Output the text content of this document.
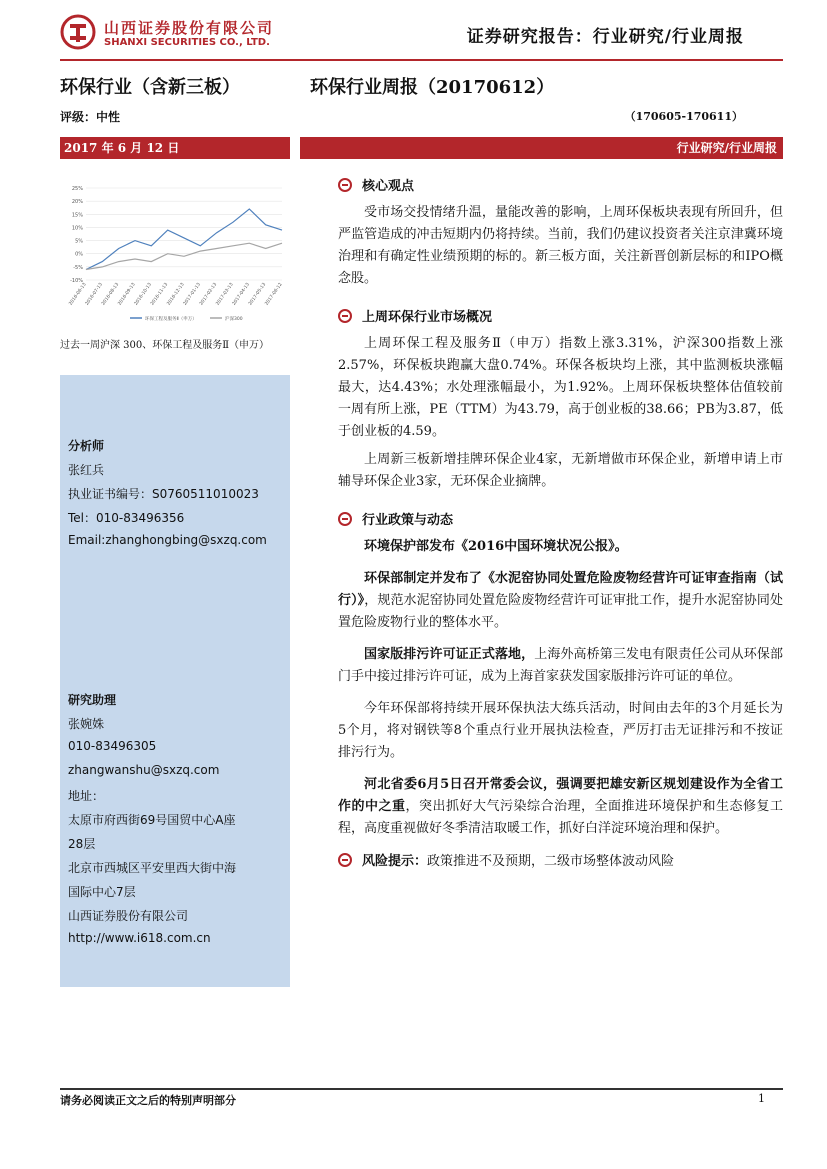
山西证券股份有限公司
SHANXI SECURITIES CO., LTD.	证券研究报告：行业研究/行业周报
环保行业（含新三板）	环保行业周报（20170612）
评级：中性	（170605-170611）
2017 年 6 月 12 日	行业研究/行业周报
25%
20%
15%
10%
5%
0%
-5%
-10%
2016-06-13
2016-07-13
2016-08-13
2016-09-13
2016-10-13
2016-11-13
2016-12-13
2017-01-13
2017-02-13
2017-03-13
2017-04-13
2017-05-13
2017-06-12
环保工程及服务Ⅱ（申万）	沪深300
过去一周沪深 300、环保工程及服务Ⅱ（申万）
分析师
张红兵
执业证书编号：S0760511010023
Tel：010-83496356
Email:zhanghongbing@sxzq.com
研究助理
张婉姝
010-83496305
zhangwanshu@sxzq.com
地址：
太原市府西街69号国贸中心A座
28层
北京市西城区平安里西大街中海
国际中心7层
山西证券股份有限公司
http://www.i618.com.cn
核心观点

受市场交投情绪升温，量能改善的影响，上周环保板块表现有所回升，但严监管造成的冲击短期内仍将持续。当前，我们仍建议投资者关注京津冀环境治理和有确定性业绩预期的标的。新三板方面，关注新晋创新层标的和IPO概念股。

上周环保行业市场概况

上周环保工程及服务Ⅱ（申万）指数上涨3.31%，沪深300指数上涨2.57%，环保板块跑赢大盘0.74%。环保各板块均上涨，其中监测板块涨幅最大，达4.43%；水处理涨幅最小，为1.92%。上周环保板块整体估值较前一周有所上涨，PE（TTM）为43.79，高于创业板的38.66；PB为3.87，低于创业板的4.59。

上周新三板新增挂牌环保企业4家，无新增做市环保企业，新增申请上市辅导环保企业3家，无环保企业摘牌。

行业政策与动态

环境保护部发布《2016中国环境状况公报》。

环保部制定并发布了《水泥窑协同处置危险废物经营许可证审查指南（试行）》，规范水泥窑协同处置危险废物经营许可证审批工作，提升水泥窑协同处置危险废物行业的整体水平。

国家版排污许可证正式落地，上海外高桥第三发电有限责任公司从环保部门手中接过排污许可证，成为上海首家获发国家版排污许可证的单位。

今年环保部将持续开展环保执法大练兵活动，时间由去年的3个月延长为5个月，将对钢铁等8个重点行业开展执法检查，严厉打击无证排污和不按证排污行为。

河北省委6月5日召开常委会议，强调要把雄安新区规划建设作为全省工作的中之重，突出抓好大气污染综合治理，全面推进环境保护和生态修复工程，高度重视做好冬季清洁取暖工作，抓好白洋淀环境治理和保护。

风险提示：政策推进不及预期，二级市场整体波动风险
请务必阅读正文之后的特别声明部分	1
